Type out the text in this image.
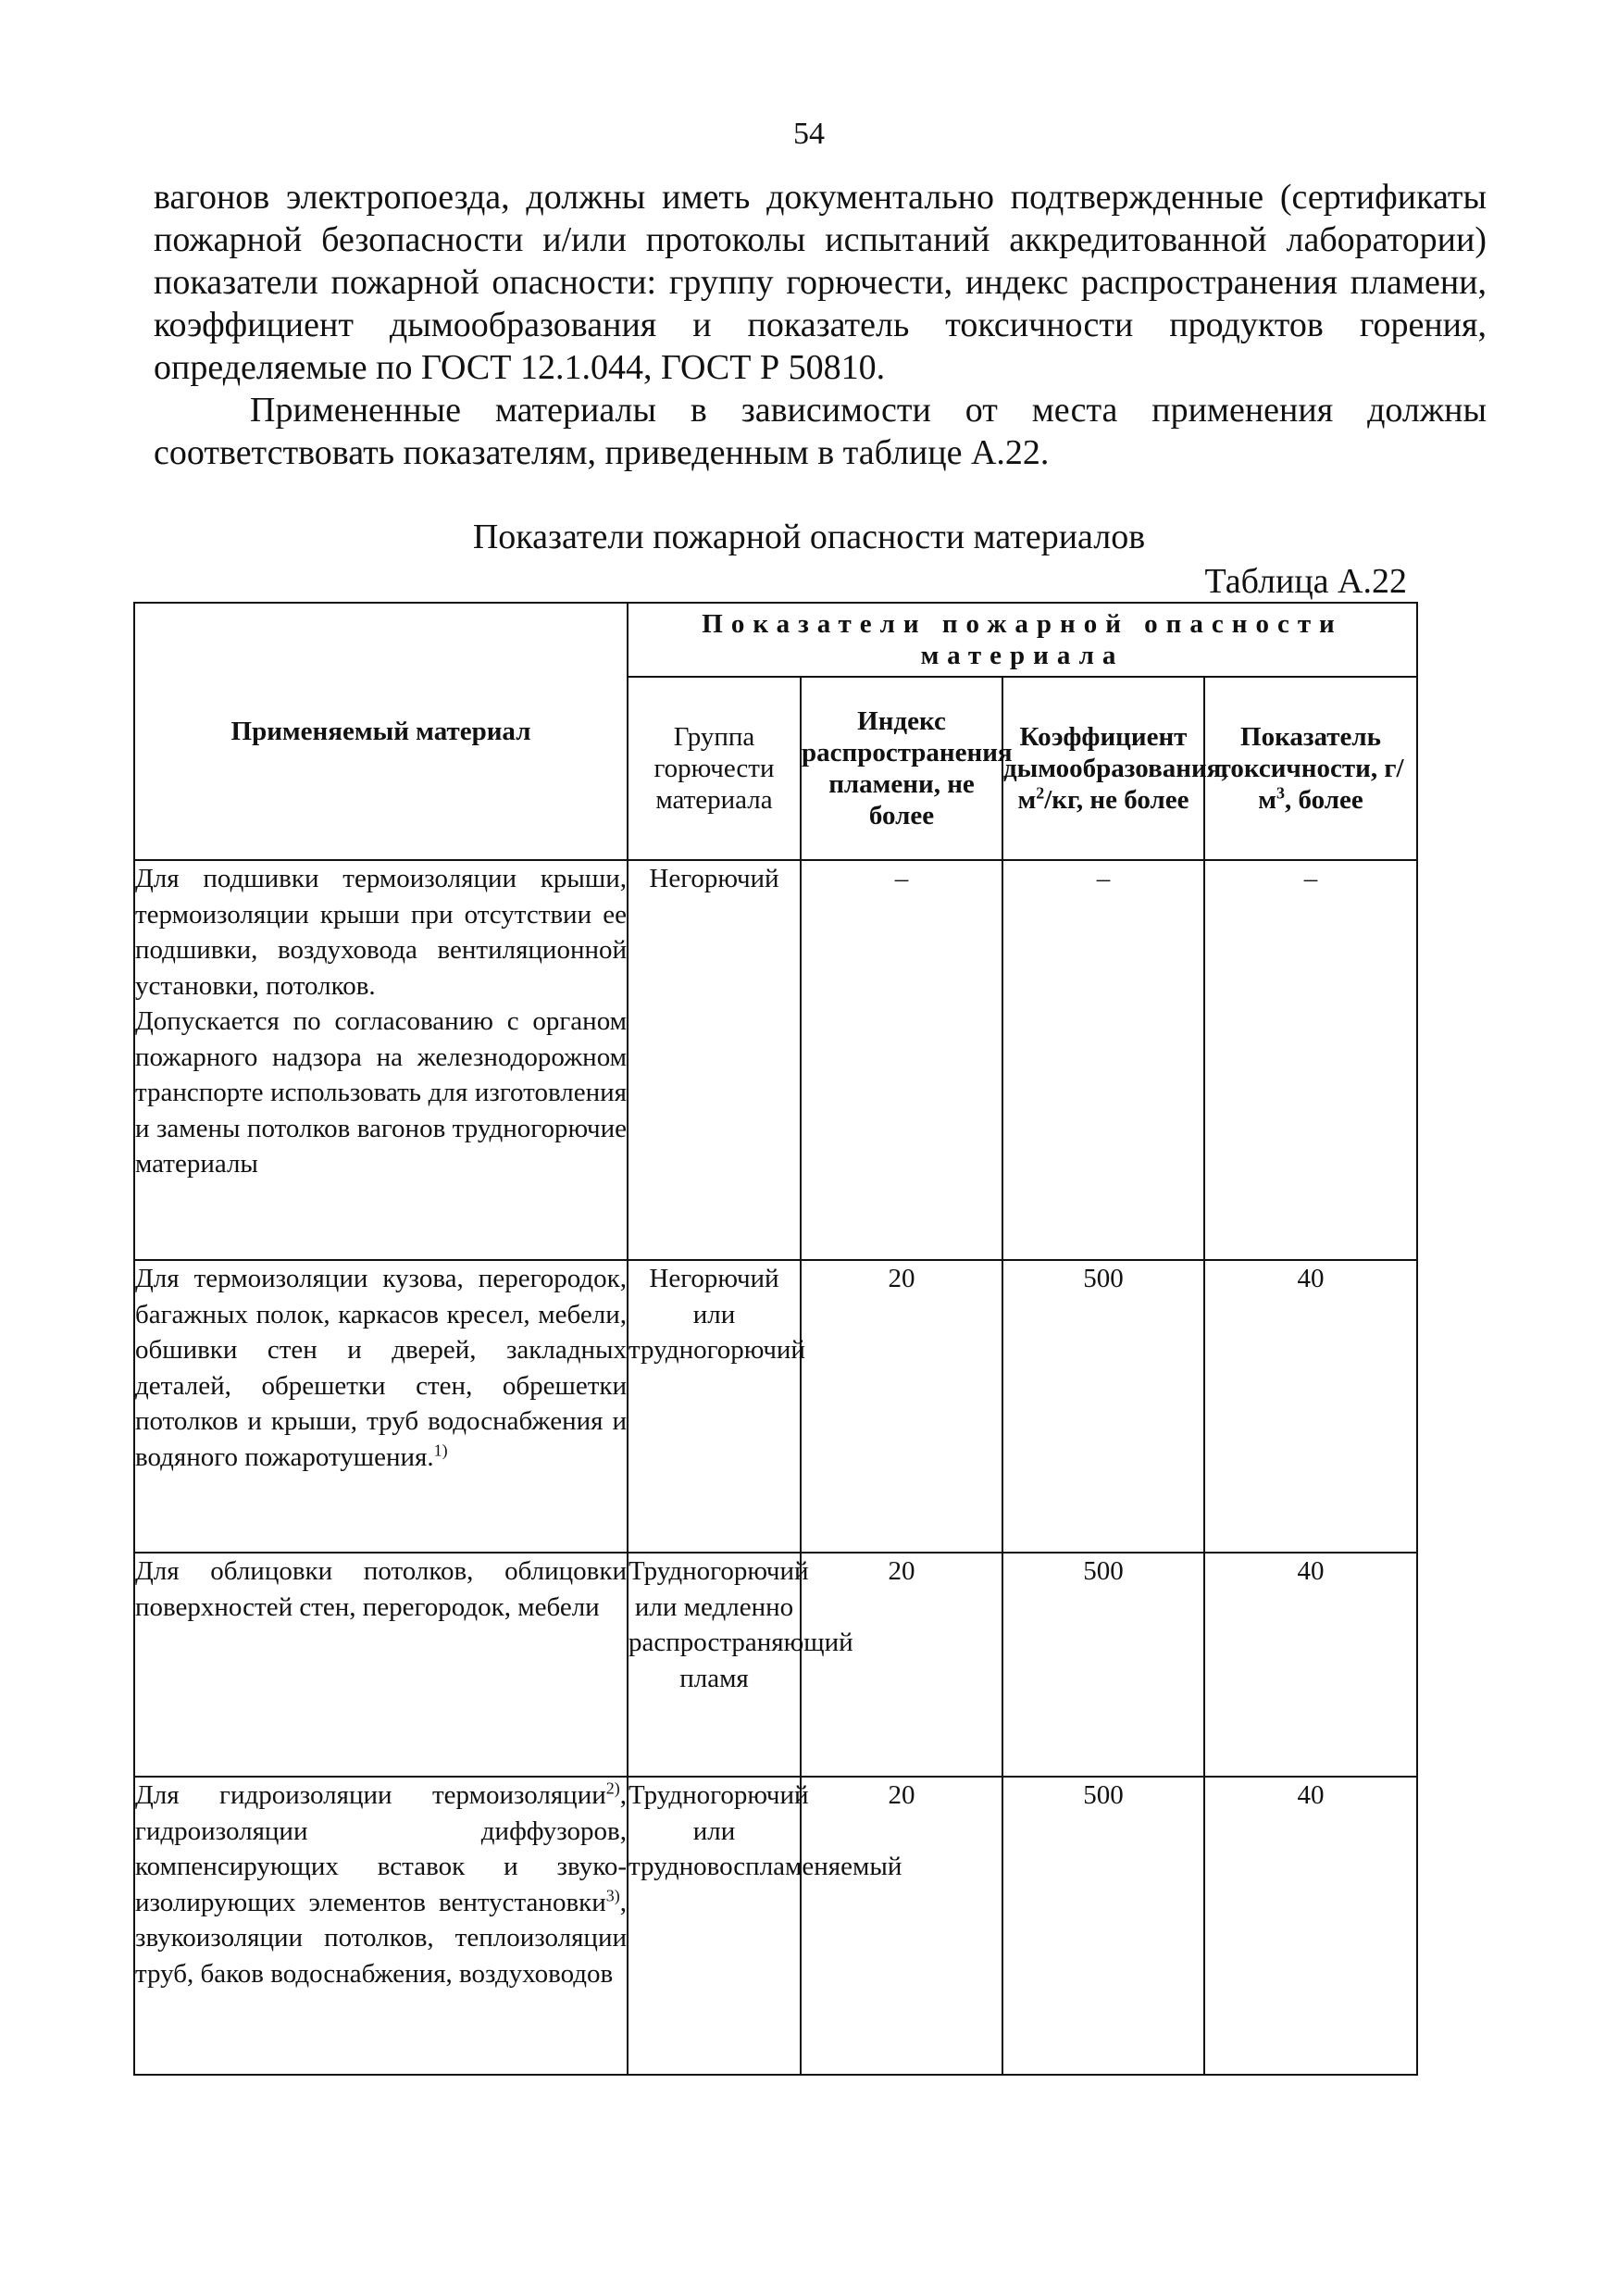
54

вагонов электропоезда, должны иметь документально подтвержденные (сертификаты пожарной безопасности и/или протоколы испытаний аккредитованной лаборатории) показатели пожарной опасности: группу горючести, индекс распространения пламени, коэффициент дымообразования и показатель токсичности продуктов горения, определяемые по ГОСТ 12.1.044, ГОСТ Р 50810.

Примененные материалы в зависимости от места применения должны соответствовать показателям, приведенным в таблице А.22.

Показатели пожарной опасности материалов
Таблица А.22
Применяемый материал	Показатели пожарной опасности материала			
	Группа горючести материала	Индекс распространения пламени, не более	Коэффициент дымообразования, $м^2/кг$, не более	Показатель токсичности, $г/м^3$, более

Для подшивки термоизоляции крыши, термоизоляции крыши при отсутствии ее подшивки, воздуховода вентиляционной установки, потолков.
Допускается по согласованию с органом пожарного надзора на железнодорожном транспорте использовать для изготовления и замены потолков вагонов трудногорючие материалы	Негорючий	–	–	–
Для термоизоляции кузова, перегородок, багажных полок, каркасов кресел, мебели, обшивки стен и дверей, закладных деталей, обрешетки стен, обрешетки потолков и крыши, труб водоснабжения и водяного пожаротушения.$^{1)}$	Негорючий или трудногорючий	20	500	40
Для облицовки потолков, облицовки поверхностей стен, перегородок, мебели	Трудногорючий или медленно распространяющий пламя	20	500	40
Для гидроизоляции термоизоляции$^{2)}$, гидроизоляции диффузоров, компенсирующих вставок и звуко-изолирующих элементов вентустановки$^{3)}$, звукоизоляции потолков, теплоизоляции труб, баков водоснабжения, воздуховодов	Трудногорючий или трудновоспламеняемый	20	500	40
